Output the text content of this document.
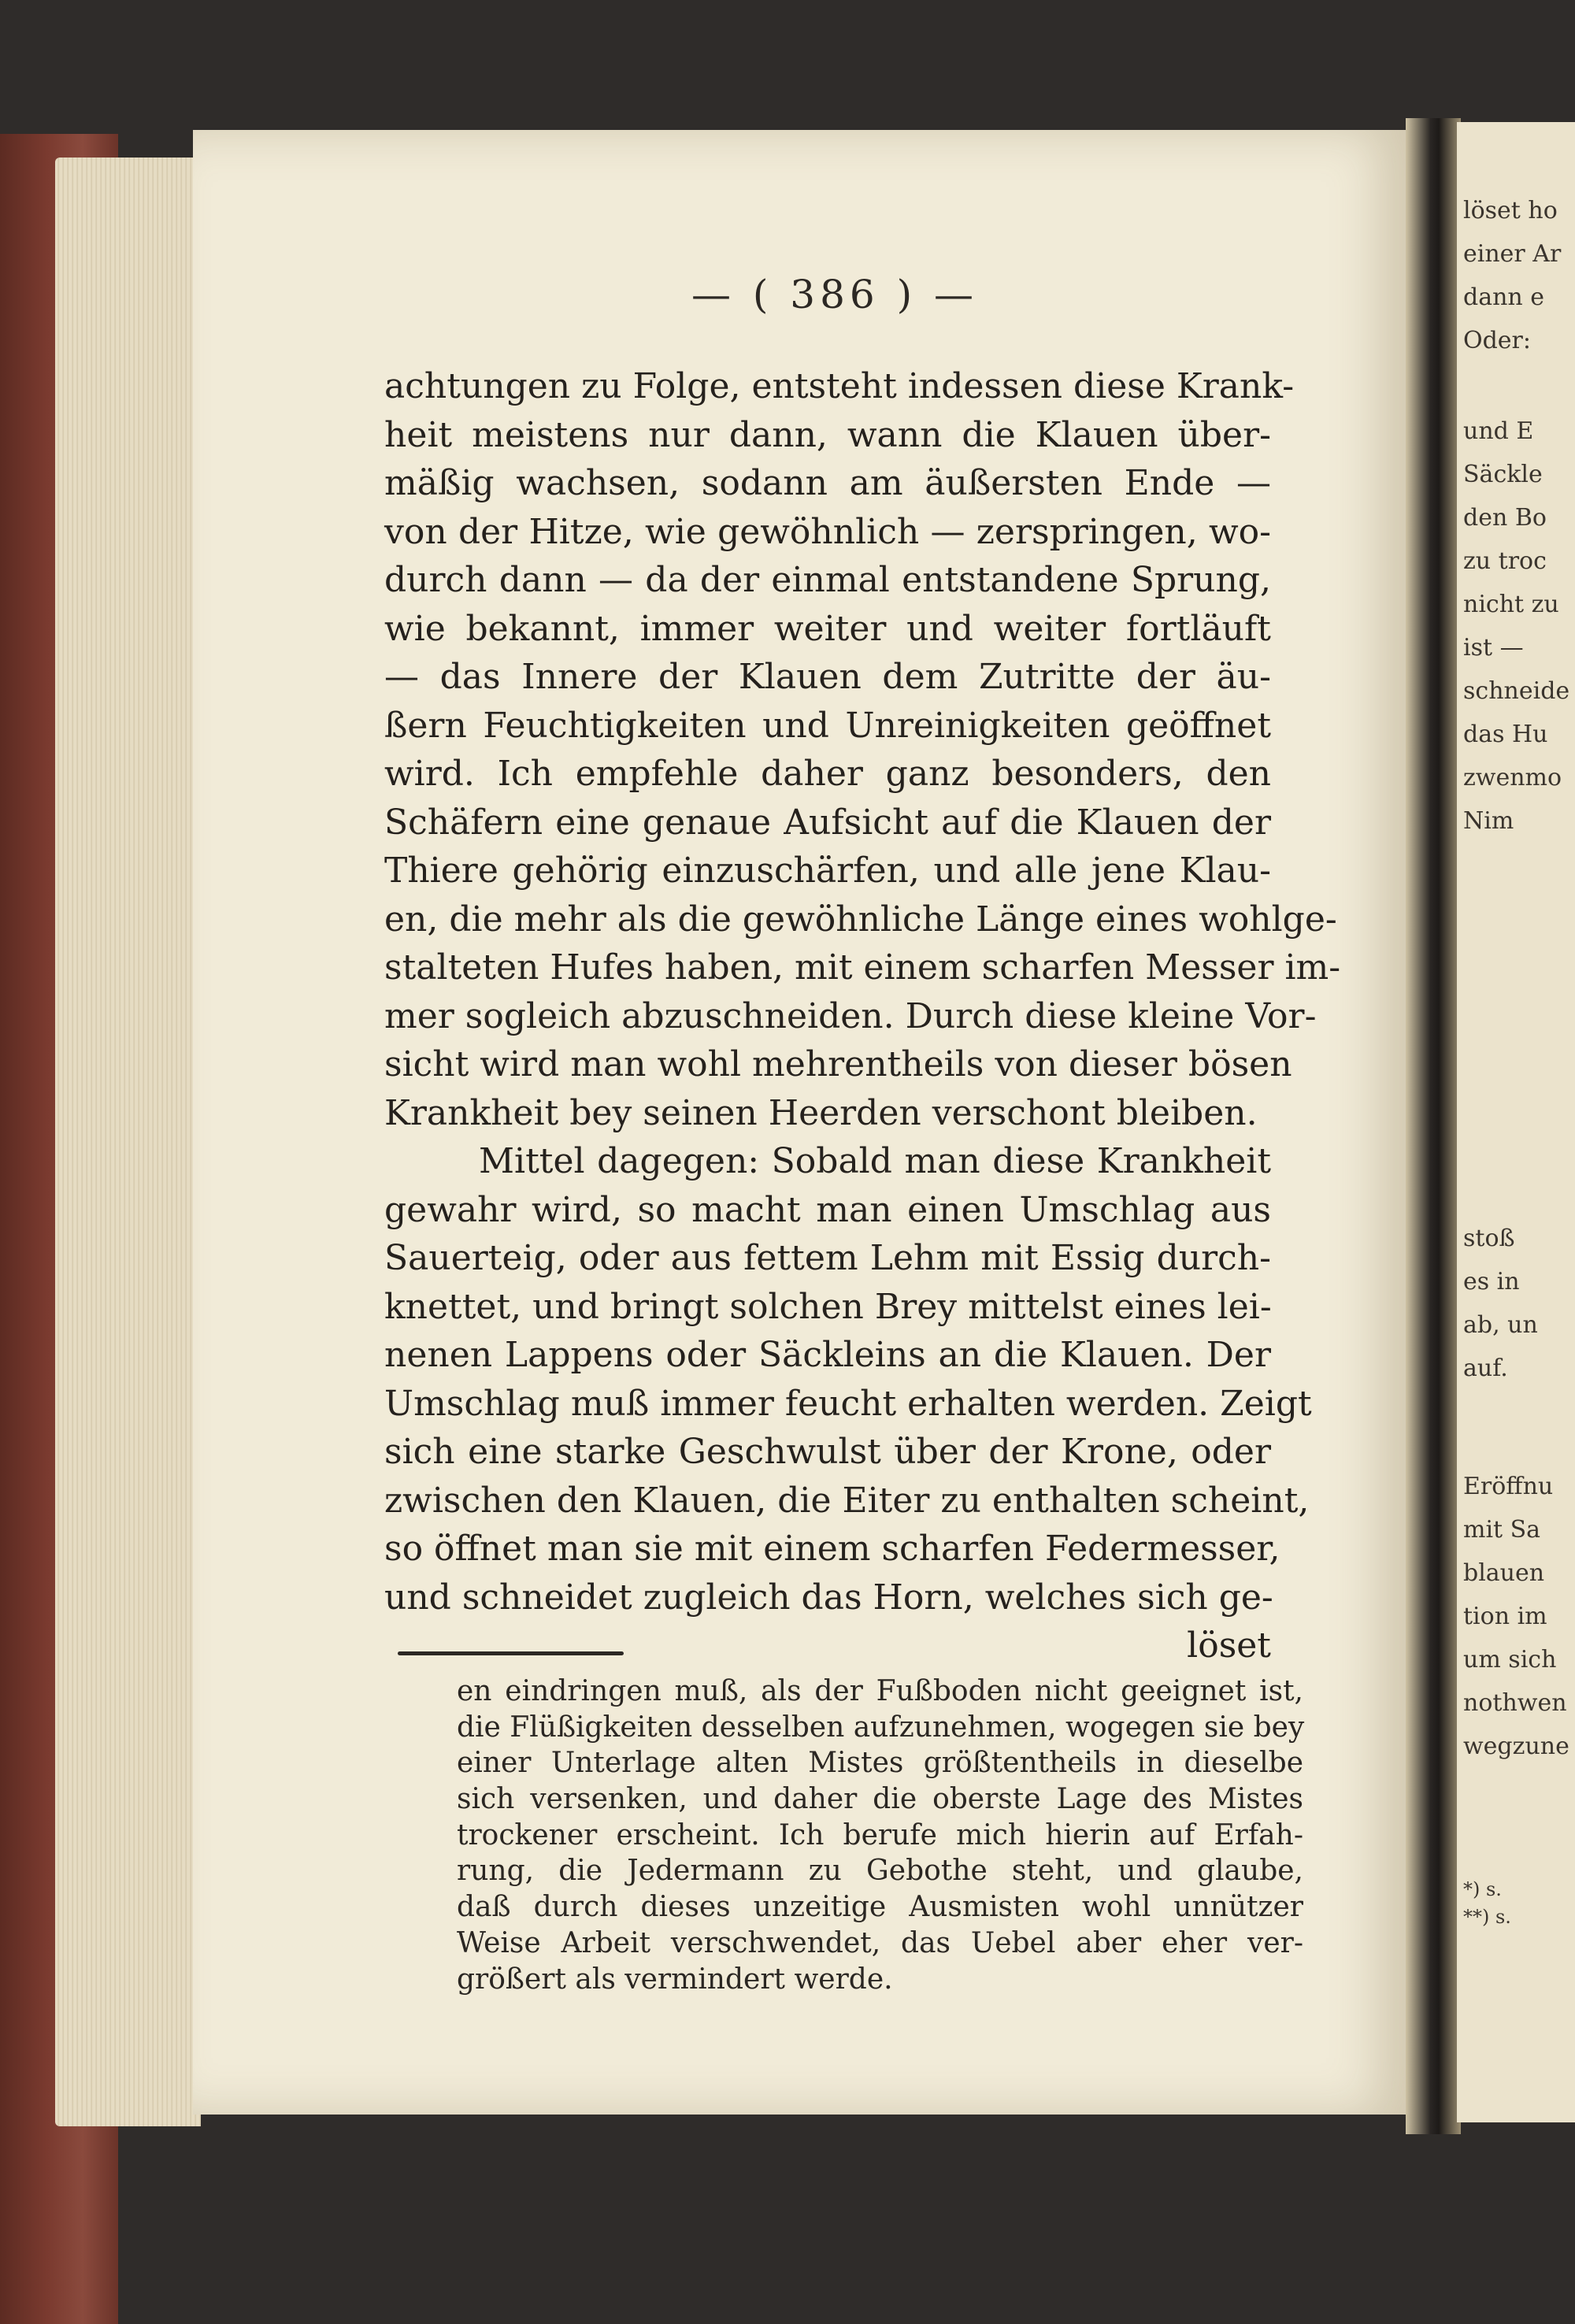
löset ho
einer Ar
dann e
Oder:
und E
Säckle
den Bo
zu troc
nicht zu
ist —
schneide
das Hu
zwenmo
Nim
stoß
es in
ab, un
auf.
Eröffnu
mit Sa
blauen
tion im
um sich
nothwen
wegzune
*) s.
**) s.
— ( 386 ) —
achtungen zu Folge, entsteht indessen diese Krank-
heit meistens nur dann, wann die Klauen über-
mäßig wachsen, sodann am äußersten Ende —
von der Hitze, wie gewöhnlich — zerspringen, wo-
durch dann — da der einmal entstandene Sprung,
wie bekannt, immer weiter und weiter fortläuft
— das Innere der Klauen dem Zutritte der äu-
ßern Feuchtigkeiten und Unreinigkeiten geöffnet
wird. Ich empfehle daher ganz besonders, den
Schäfern eine genaue Aufsicht auf die Klauen der
Thiere gehörig einzuschärfen, und alle jene Klau-
en, die mehr als die gewöhnliche Länge eines wohlge-
stalteten Hufes haben, mit einem scharfen Messer im-
mer sogleich abzuschneiden. Durch diese kleine Vor-
sicht wird man wohl mehrentheils von dieser bösen
Krankheit bey seinen Heerden verschont bleiben.
Mittel dagegen: Sobald man diese Krankheit
gewahr wird, so macht man einen Umschlag aus
Sauerteig, oder aus fettem Lehm mit Essig durch-
knettet, und bringt solchen Brey mittelst eines lei-
nenen Lappens oder Säckleins an die Klauen. Der
Umschlag muß immer feucht erhalten werden. Zeigt
sich eine starke Geschwulst über der Krone, oder
zwischen den Klauen, die Eiter zu enthalten scheint,
so öffnet man sie mit einem scharfen Federmesser,
und schneidet zugleich das Horn, welches sich ge-
löset
en eindringen muß, als der Fußboden nicht geeignet ist,
die Flüßigkeiten desselben aufzunehmen, wogegen sie bey
einer Unterlage alten Mistes größtentheils in dieselbe
sich versenken, und daher die oberste Lage des Mistes
trockener erscheint. Ich berufe mich hierin auf Erfah-
rung, die Jedermann zu Gebothe steht, und glaube,
daß durch dieses unzeitige Ausmisten wohl unnützer
Weise Arbeit verschwendet, das Uebel aber eher ver-
größert als vermindert werde.
